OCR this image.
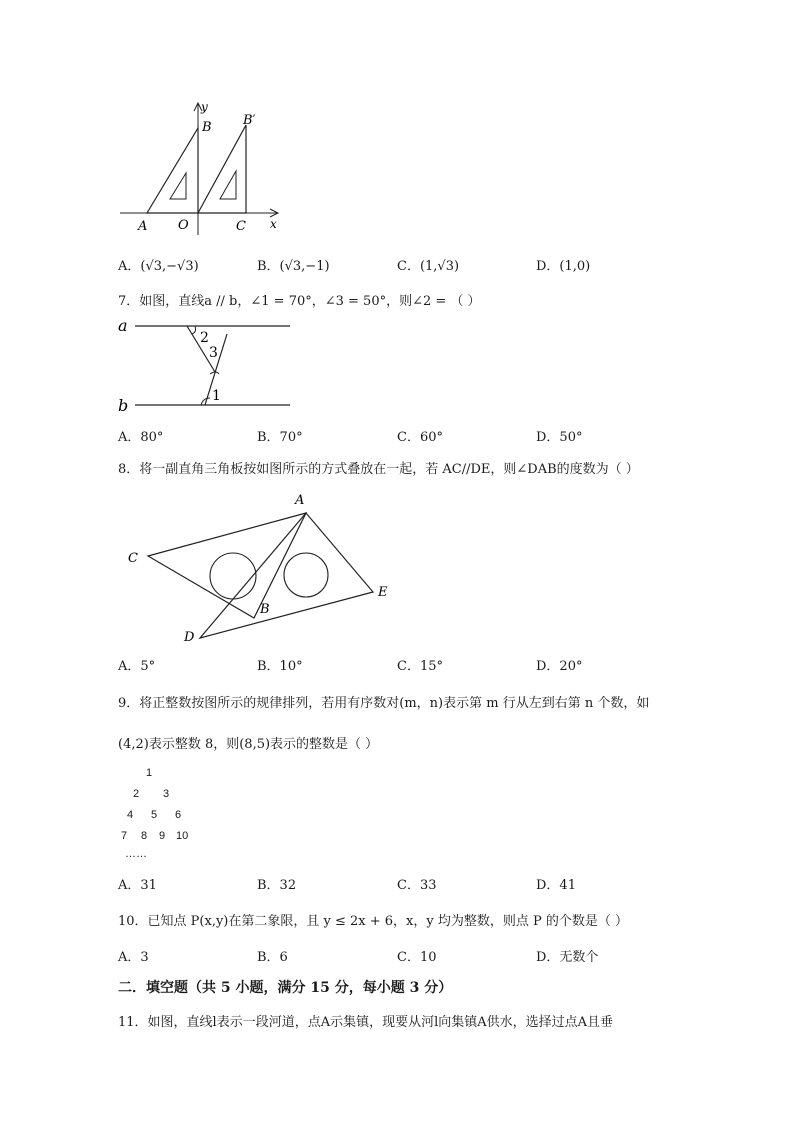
y
x
B B′
A O	C
A．(√3,−√3)	B．(√3,−1)	C．(1,√3)	D．(1,0)
7．如图，直线a // b，∠1 = 70°，∠3 = 50°，则∠2 = （ ）
a
b
2
3
1
A．80°	B．70°	C．60°	D．50°
8．将一副直角三角板按如图所示的方式叠放在一起，若 AC//DE，则∠DAB的度数为（ ）
A
C
B
D
E
A．5°	B．10°	C．15°	D．20°
9．将正整数按图所示的规律排列，若用有序数对(m，n)表示第 m 行从左到右第 n 个数，如
(4,2)表示整数 8，则(8,5)表示的整数是（ ）
1
2 3
4 5 6
7 8 9 10
……
A．31	B．32	C．33	D．41
10．已知点 P(x,y)在第二象限，且 y ≤ 2x + 6，x，y 均为整数，则点 P 的个数是（ ）
A．3	B．6	C．10	D．无数个
二．填空题（共 5 小题，满分 15 分，每小题 3 分）
11．如图，直线l表示一段河道，点A示集镇，现要从河l向集镇A供水，选择过点A且垂
